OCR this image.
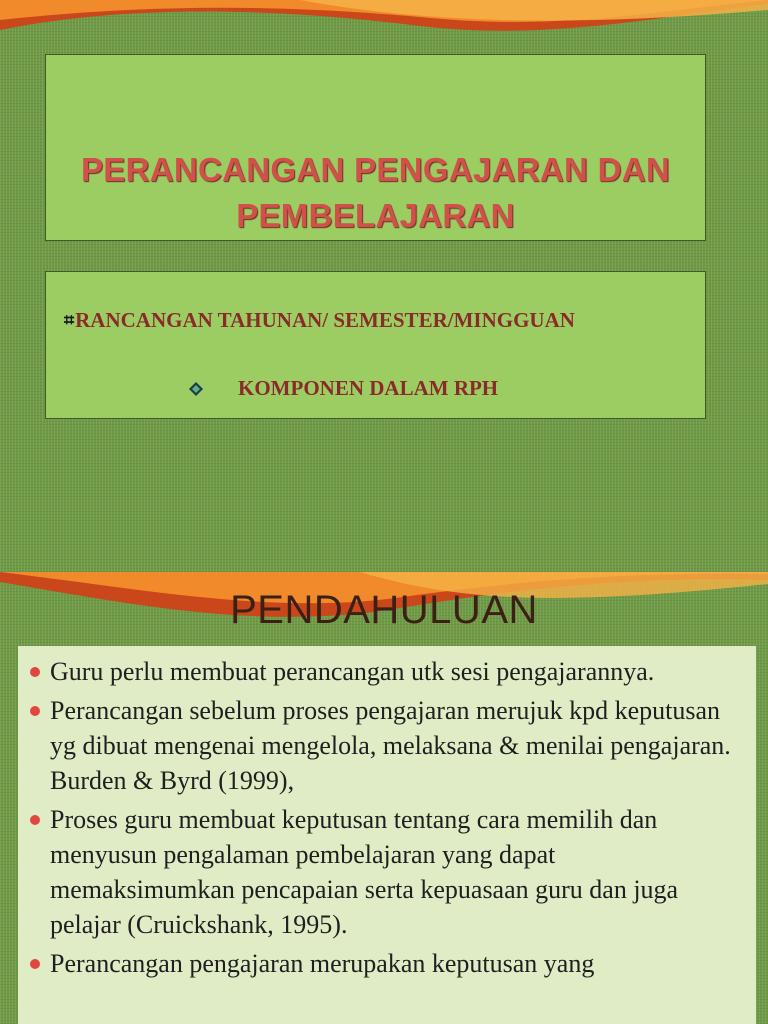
PERANCANGAN PENGAJARAN DAN PEMBELAJARAN
⌗ RANCANGAN TAHUNAN/ SEMESTER/MINGGUAN
KOMPONEN DALAM RPH
PENDAHULUAN
Guru perlu membuat perancangan utk sesi pengajarannya.
Perancangan sebelum proses pengajaran merujuk kpd keputusan yg dibuat mengenai mengelola, melaksana & menilai pengajaran. Burden & Byrd (1999),
Proses guru membuat keputusan tentang cara memilih dan menyusun pengalaman pembelajaran yang dapat memaksimumkan pencapaian serta kepuasaan guru dan juga pelajar (Cruickshank, 1995).
Perancangan pengajaran merupakan keputusan yang
